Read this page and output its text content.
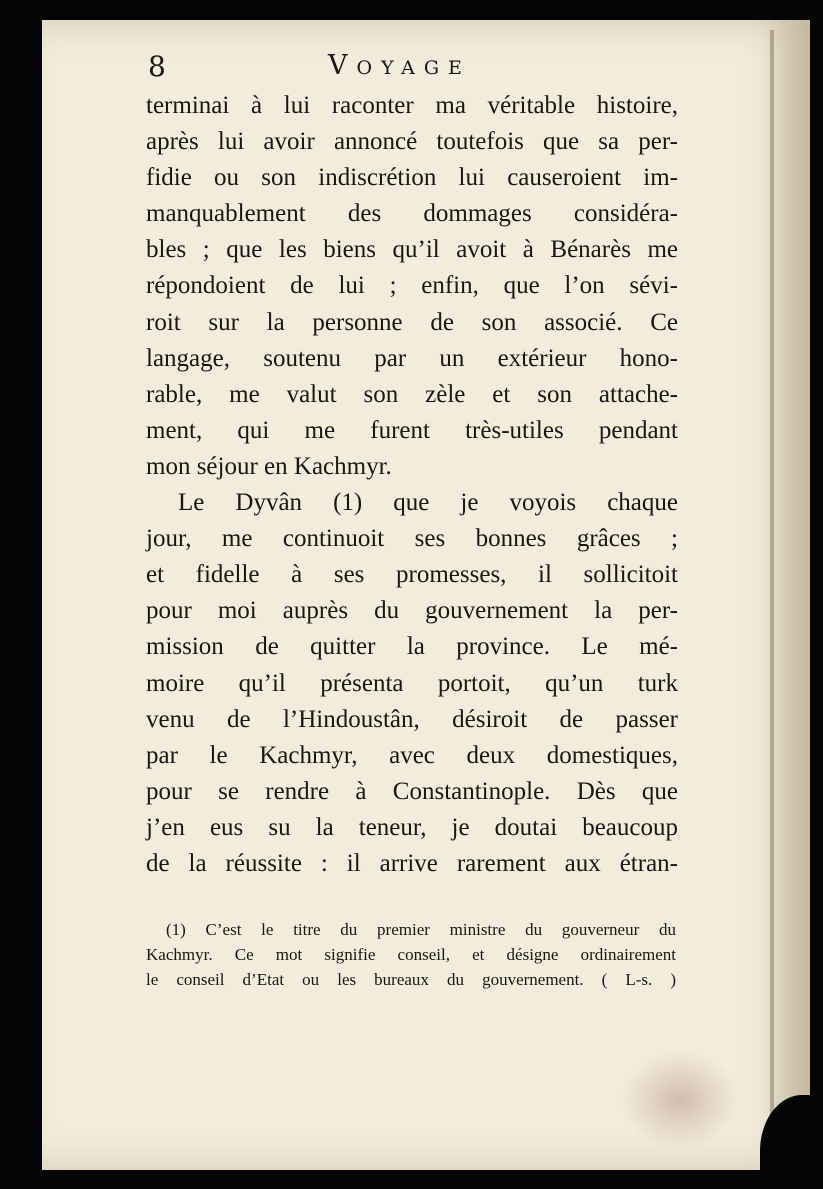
8	Voyage
terminai à lui raconter ma véritable histoire,
après lui avoir annoncé toutefois que sa per-
fidie ou son indiscrétion lui causeroient im-
manquablement des dommages considéra-
bles ; que les biens qu’il avoit à Bénarès me
répondoient de lui ; enfin, que l’on sévi-
roit sur la personne de son associé. Ce
langage, soutenu par un extérieur hono-
rable, me valut son zèle et son attache-
ment, qui me furent très-utiles pendant
mon séjour en Kachmyr.
Le Dyvân (1) que je voyois chaque
jour, me continuoit ses bonnes grâces ;
et fidelle à ses promesses, il sollicitoit
pour moi auprès du gouvernement la per-
mission de quitter la province. Le mé-
moire qu’il présenta portoit, qu’un turk
venu de l’Hindoustân, désiroit de passer
par le Kachmyr, avec deux domestiques,
pour se rendre à Constantinople. Dès que
j’en eus su la teneur, je doutai beaucoup
de la réussite : il arrive rarement aux étran-
(1) C’est le titre du premier ministre du gouverneur du
Kachmyr. Ce mot signifie conseil, et désigne ordinairement
le conseil d’Etat ou les bureaux du gouvernement. ( L-s. )
